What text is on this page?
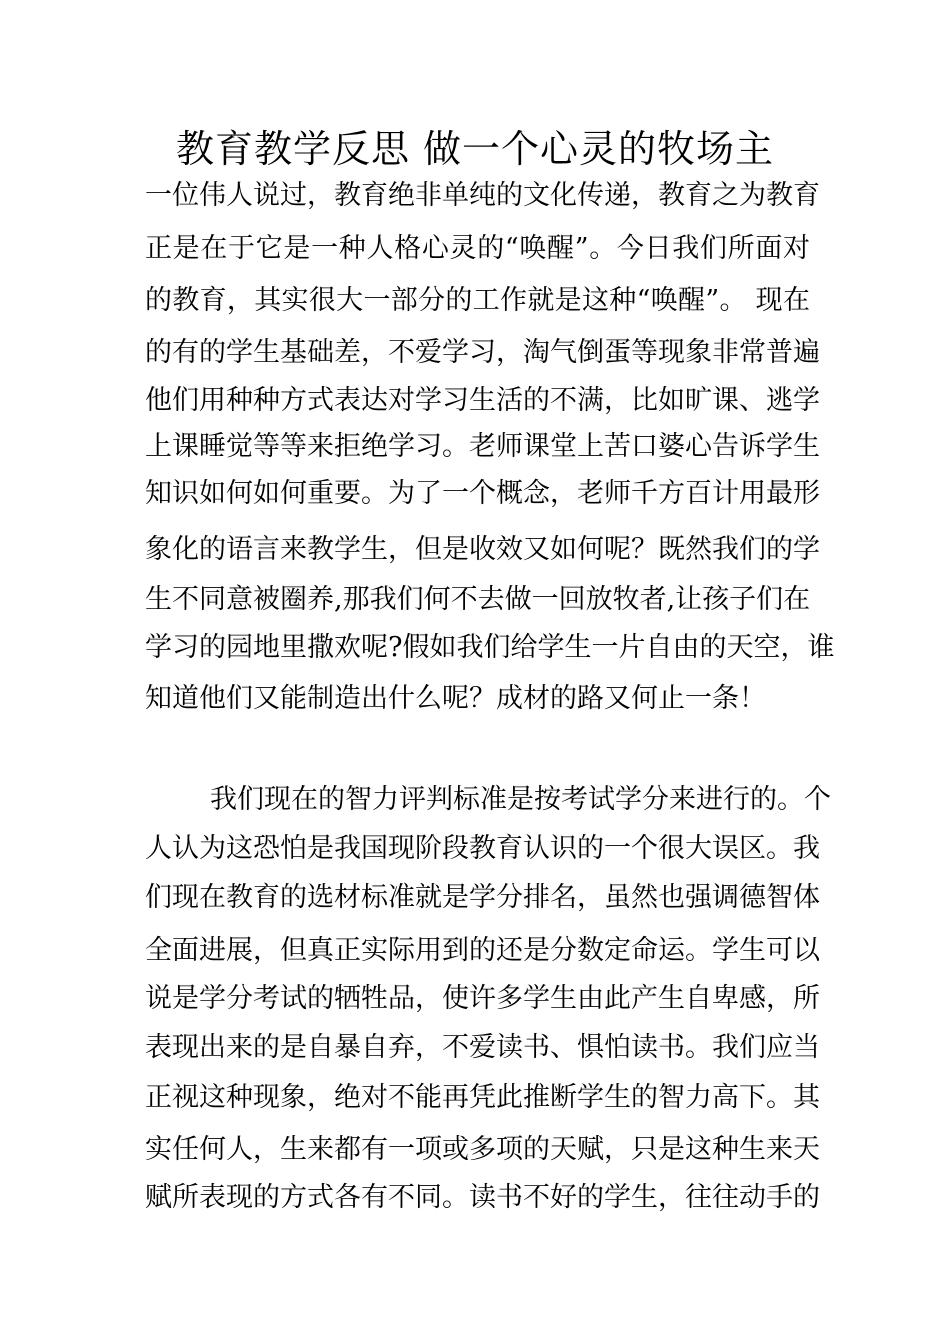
教育教学反思 做一个心灵的牧场主
一位伟人说过，教育绝非单纯的文化传递，教育之为教育
正是在于它是一种人格心灵的“唤醒”。今日我们所面对
的教育，其实很大一部分的工作就是这种“唤醒”。 现在
的有的学生基础差，不爱学习，淘气倒蛋等现象非常普遍
他们用种种方式表达对学习生活的不满，比如旷课、逃学
上课睡觉等等来拒绝学习。老师课堂上苦口婆心告诉学生
知识如何如何重要。为了一个概念，老师千方百计用最形
象化的语言来教学生，但是收效又如何呢？既然我们的学
生不同意被圈养,那我们何不去做一回放牧者,让孩子们在
学习的园地里撒欢呢?假如我们给学生一片自由的天空，谁
知道他们又能制造出什么呢？成材的路又何止一条！
我们现在的智力评判标准是按考试学分来进行的。个
人认为这恐怕是我国现阶段教育认识的一个很大误区。我
们现在教育的选材标准就是学分排名，虽然也强调德智体
全面进展，但真正实际用到的还是分数定命运。学生可以
说是学分考试的牺牲品，使许多学生由此产生自卑感，所
表现出来的是自暴自弃，不爱读书、惧怕读书。我们应当
正视这种现象，绝对不能再凭此推断学生的智力高下。其
实任何人，生来都有一项或多项的天赋，只是这种生来天
赋所表现的方式各有不同。读书不好的学生，往往动手的
